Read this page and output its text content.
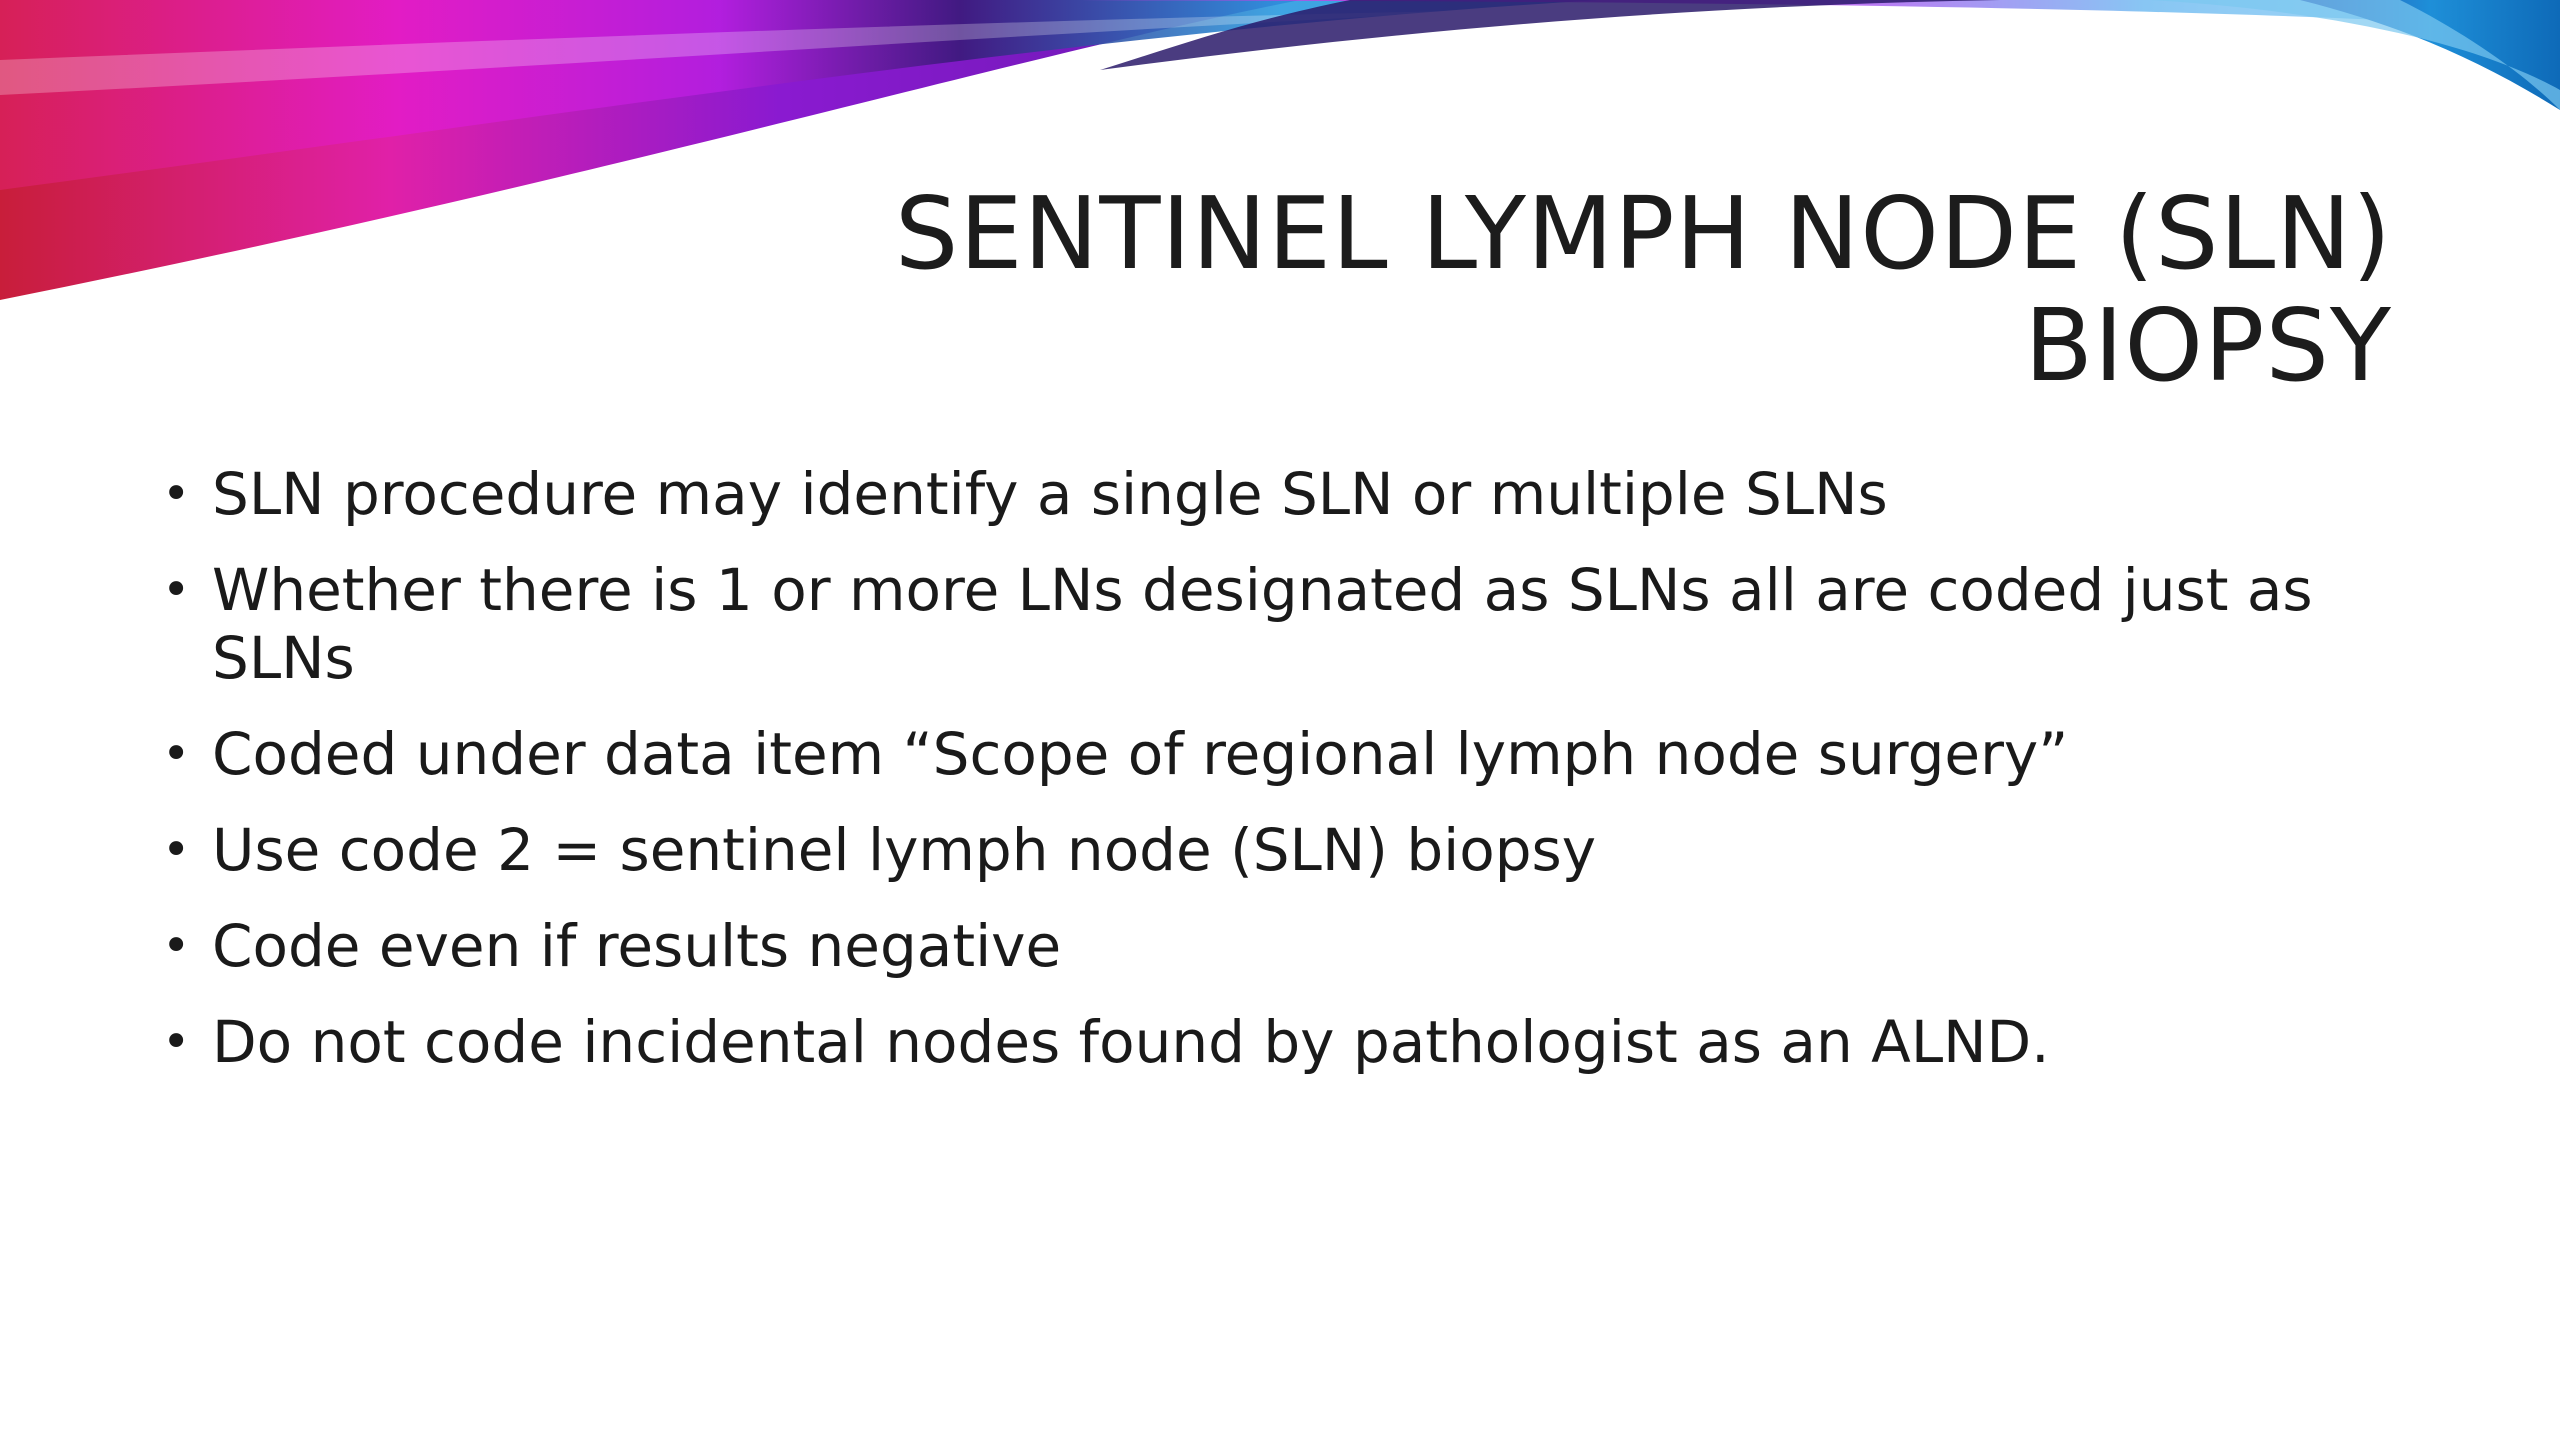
SENTINEL LYMPH NODE (SLN)
BIOPSY
• SLN procedure may identify a single SLN or multiple SLNs
• Whether there is 1 or more LNs designated as SLNs all are coded just as SLNs
• Coded under data item “Scope of regional lymph node surgery”
• Use code 2 = sentinel lymph node (SLN) biopsy
• Code even if results negative
• Do not code incidental nodes found by pathologist as an ALND.
